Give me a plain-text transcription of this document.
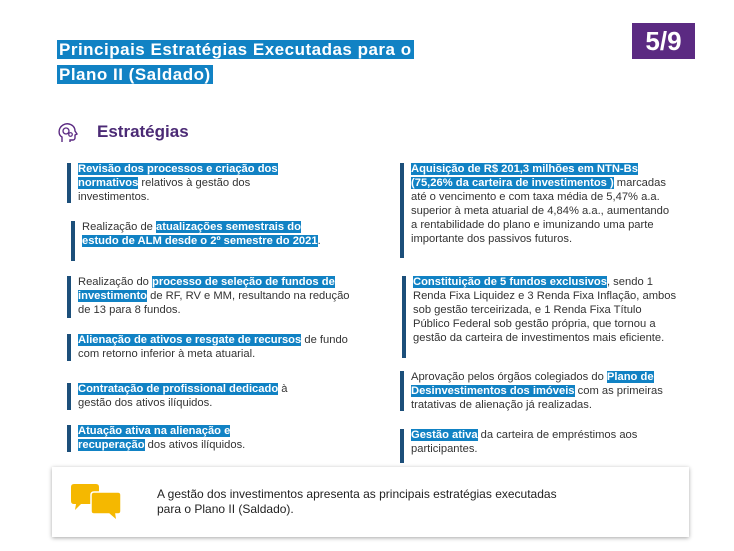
Principais Estratégias Executadas para o Plano II (Saldado)
5/9
Estratégias
Revisão dos processos e criação dos normativos relativos à gestão dos investimentos.
Realização de atualizações semestrais do estudo de ALM desde o 2º semestre do 2021.
Realização do processo de seleção de fundos de investimento de RF, RV e MM, resultando na redução de 13 para 8 fundos.
Alienação de ativos e resgate de recursos de fundo com retorno inferior à meta atuarial.
Contratação de profissional dedicado à gestão dos ativos ilíquidos.
Atuação ativa na alienação e recuperação dos ativos ilíquidos.
Aquisição de R$ 201,3 milhões em NTN-Bs (75,26% da carteira de investimentos ) marcadas até o vencimento e com taxa média de 5,47% a.a. superior à meta atuarial de 4,84% a.a., aumentando a rentabilidade do plano e imunizando uma parte importante dos passivos futuros.
Constituição de 5 fundos exclusivos, sendo 1 Renda Fixa Liquidez e 3 Renda Fixa Inflação, ambos sob gestão terceirizada, e 1 Renda Fixa Título Público Federal sob gestão própria, que tornou a gestão da carteira de investimentos mais eficiente.
Aprovação pelos órgãos colegiados do Plano de Desinvestimentos dos imóveis com as primeiras tratativas de alienação já realizadas.
Gestão ativa da carteira de empréstimos aos participantes.
A gestão dos investimentos apresenta as principais estratégias executadas para o Plano II (Saldado).
